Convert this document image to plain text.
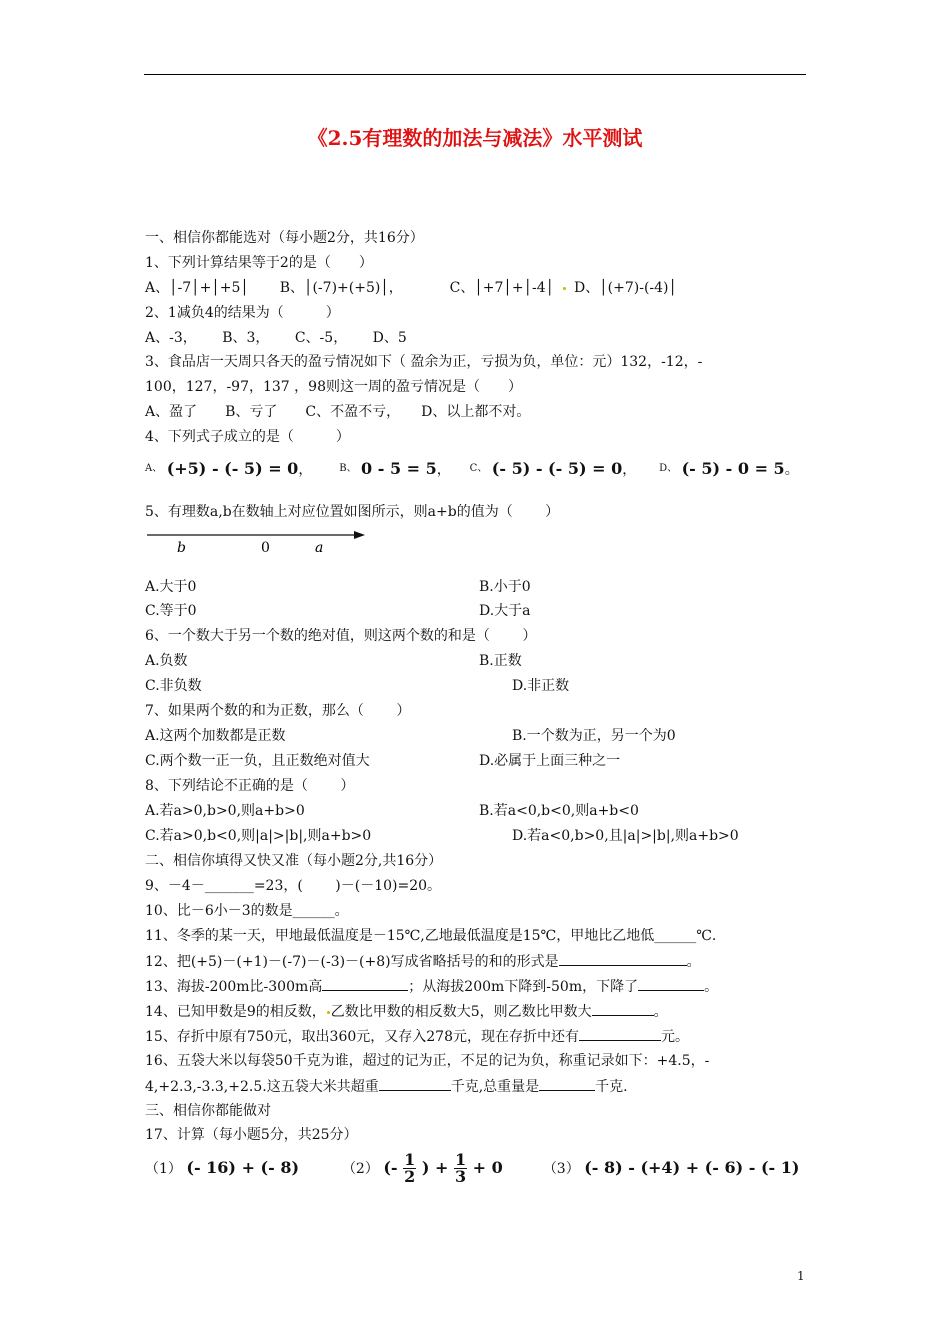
《2.5有理数的加法与减法》水平测试
一、相信你都能选对（每小题2分，共16分）
1、下列计算结果等于2的是（　　）
A、│-7│+│+5│ B、│(-7)+(+5)│，	C、│+7│+│-4│ D、│(+7)-(-4)│
2、1减负4的结果为（　　　）
A、-3，　　 B、3，　　 C、-5，　　 D、5
3、食品店一天周只各天的盈亏情况如下（ 盈余为正，亏损为负，单位：元）132，-12，-
100，127，-97，137 ，98则这一周的盈亏情况是（　　）
A、盈了　　B、亏了　　C、不盈不亏，　　D、以上都不对。
4、下列式子成立的是（　　　）
$^{A、}$ (+5) - (- 5) = 0，	$^{B、}$ 0 - 5 = 5， $^{C、}$ (- 5) - (- 5) = 0， $^{D、}$ (- 5) - 0 = 5。
5、有理数a,b在数轴上对应位置如图所示，则a+b的值为（　　 ）
b	0	a
A.大于0	B.小于0
C.等于0	D.大于a
6、一个数大于另一个数的绝对值，则这两个数的和是（　　 ）
A.负数	B.正数
C.非负数	D.非正数
7、如果两个数的和为正数，那么（　　 ）
A.这两个加数都是正数	B.一个数为正，另一个为0
C.两个数一正一负，且正数绝对值大	D.必属于上面三种之一
8、下列结论不正确的是（　　 ）
A.若a>0,b>0,则a+b>0	B.若a<0,b<0,则a+b<0
C.若a>0,b<0,则|a|>|b|,则a+b>0	D.若a<0,b>0,且|a|>|b|,则a+b>0
二、相信你填得又快又准（每小题2分,共16分）
9、－4－_______=23，(　　 )－(－10)=20。
10、比－6小－3的数是______。
11、冬季的某一天，甲地最低温度是－15℃,乙地最低温度是15℃，甲地比乙地低______℃.
12、把(+5)－(+1)－(-7)－(-3)－(+8)写成省略括号的和的形式是	。
13、海拔-200m比-300m高	；从海拔200m下降到-50m，下降了	。
14、已知甲数是9的相反数， 乙数比甲数的相反数大5，则乙数比甲数大	。
15、存折中原有750元，取出360元，又存入278元，现在存折中还有	元。
16、五袋大米以每袋50千克为谁，超过的记为正，不足的记为负，称重记录如下：+4.5，-
4,+2.3,-3.3,+2.5.这五袋大米共超重	千克,总重量是	千克.
三、相信你都能做对
17、计算（每小题5分，共25分）
（1） (- 16) + (- 8)	（2） (- $\frac{1}{2}$ ) + $\frac{1}{3} + 0$	（3） (- 8) - (+4) + (- 6) - (- 1)
1
